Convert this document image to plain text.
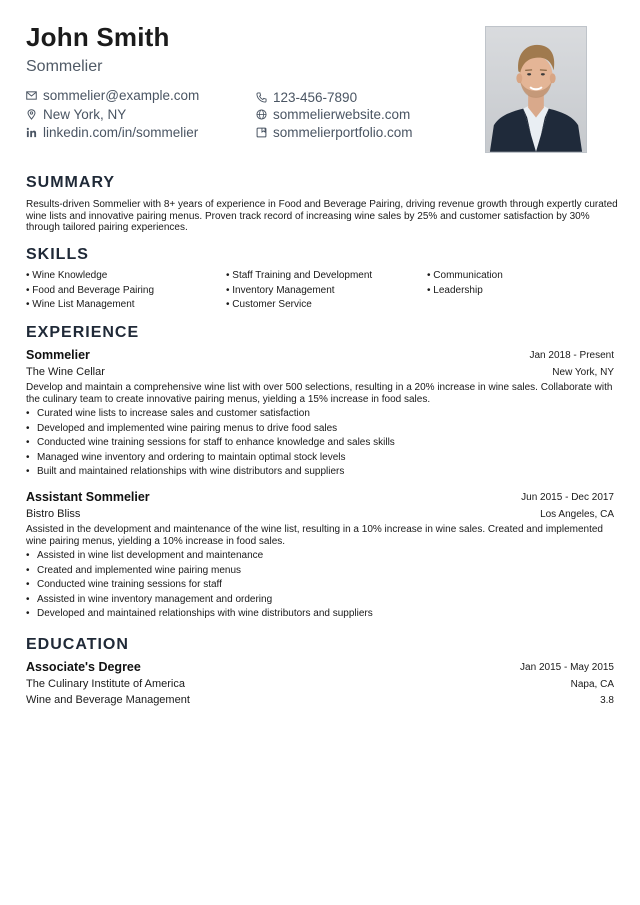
John Smith
Sommelier
sommelier@example.com	123-456-7890
New York, NY	sommelierwebsite.com
linkedin.com/in/sommelier	sommelierportfolio.com
SUMMARY
Results-driven Sommelier with 8+ years of experience in Food and Beverage Pairing, driving revenue growth through expertly curated wine lists and innovative pairing menus. Proven track record of increasing wine sales by 25% and customer satisfaction by 30% through tailored pairing experiences.
SKILLS
• Wine Knowledge	• Staff Training and Development	• Communication
• Food and Beverage Pairing	• Inventory Management	• Leadership
• Wine List Management	• Customer Service
EXPERIENCE
Sommelier	Jan 2018 - Present
The Wine Cellar	New York, NY
Develop and maintain a comprehensive wine list with over 500 selections, resulting in a 20% increase in wine sales. Collaborate with the culinary team to create innovative pairing menus, yielding a 15% increase in food sales.
• Curated wine lists to increase sales and customer satisfaction
• Developed and implemented wine pairing menus to drive food sales
• Conducted wine training sessions for staff to enhance knowledge and sales skills
• Managed wine inventory and ordering to maintain optimal stock levels
• Built and maintained relationships with wine distributors and suppliers
Assistant Sommelier	Jun 2015 - Dec 2017
Bistro Bliss	Los Angeles, CA
Assisted in the development and maintenance of the wine list, resulting in a 10% increase in wine sales. Created and implemented wine pairing menus, yielding a 10% increase in food sales.
• Assisted in wine list development and maintenance
• Created and implemented wine pairing menus
• Conducted wine training sessions for staff
• Assisted in wine inventory management and ordering
• Developed and maintained relationships with wine distributors and suppliers
EDUCATION
Associate's Degree	Jan 2015 - May 2015
The Culinary Institute of America	Napa, CA
Wine and Beverage Management	3.8
